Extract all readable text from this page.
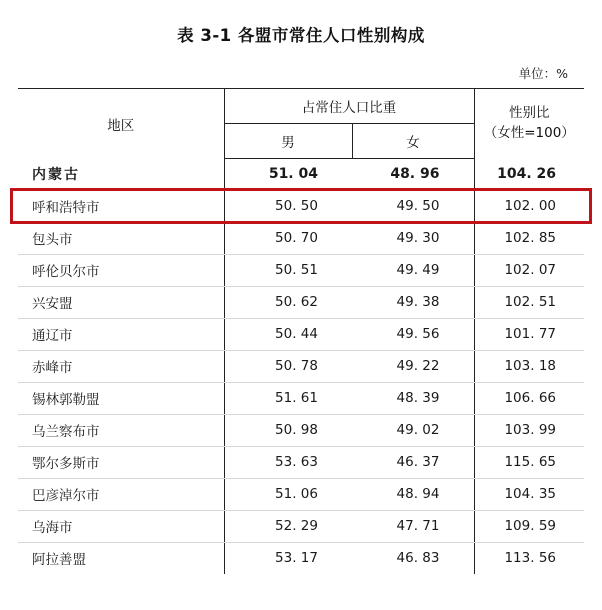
表 3-1 各盟市常住人口性别构成
单位：%
地区	占常住人口比重		性别比
（女性=100）

	男	女	
内蒙古	51. 04	48. 96	104. 26
呼和浩特市	50. 50	49. 50	102. 00
包头市	50. 70	49. 30	102. 85
呼伦贝尔市	50. 51	49. 49	102. 07
兴安盟	50. 62	49. 38	102. 51
通辽市	50. 44	49. 56	101. 77
赤峰市	50. 78	49. 22	103. 18
锡林郭勒盟	51. 61	48. 39	106. 66
乌兰察布市	50. 98	49. 02	103. 99
鄂尔多斯市	53. 63	46. 37	115. 65
巴彦淖尔市	51. 06	48. 94	104. 35
乌海市	52. 29	47. 71	109. 59
阿拉善盟	53. 17	46. 83	113. 56
